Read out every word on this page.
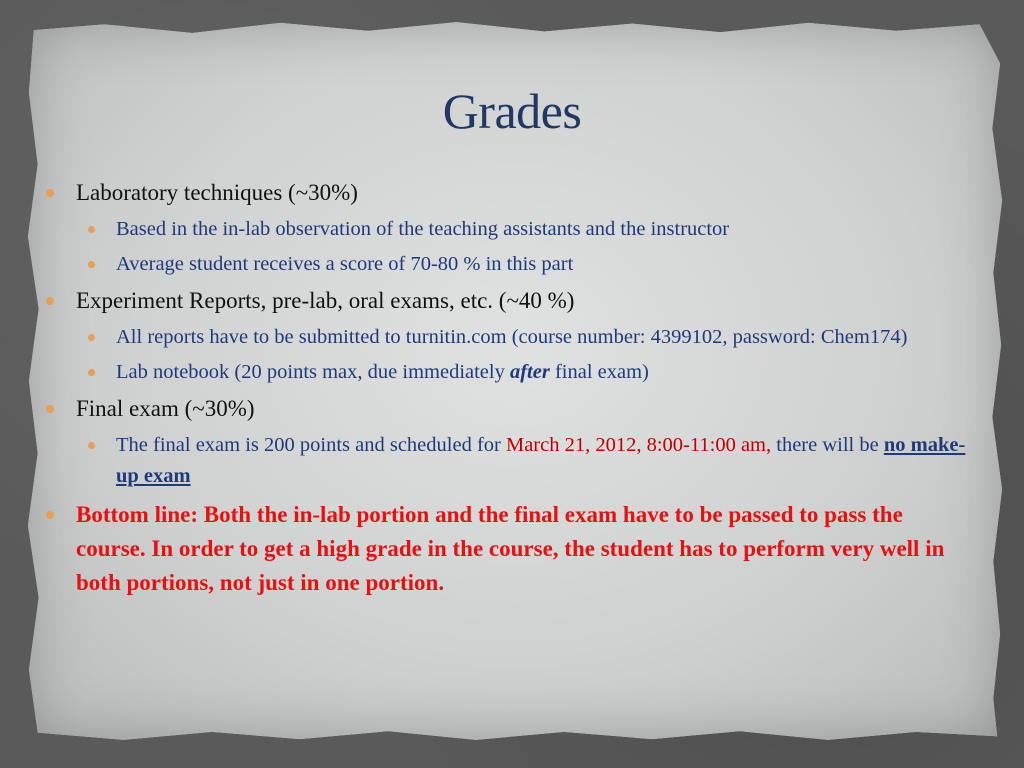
Grades
Laboratory techniques (~30%)
Based in the in-lab observation of the teaching assistants and the instructor
Average student receives a score of 70-80 % in this part
Experiment Reports, pre-lab, oral exams, etc. (~40 %)
All reports have to be submitted to turnitin.com (course number: 4399102, password: Chem174)
Lab notebook (20 points max, due immediately after final exam)
Final exam (~30%)
The final exam is 200 points and scheduled for March 21, 2012, 8:00-11:00 am, there will be no make-up exam
Bottom line: Both the in-lab portion and the final exam have to be passed to pass the course. In order to get a high grade in the course, the student has to perform very well in both portions, not just in one portion.
